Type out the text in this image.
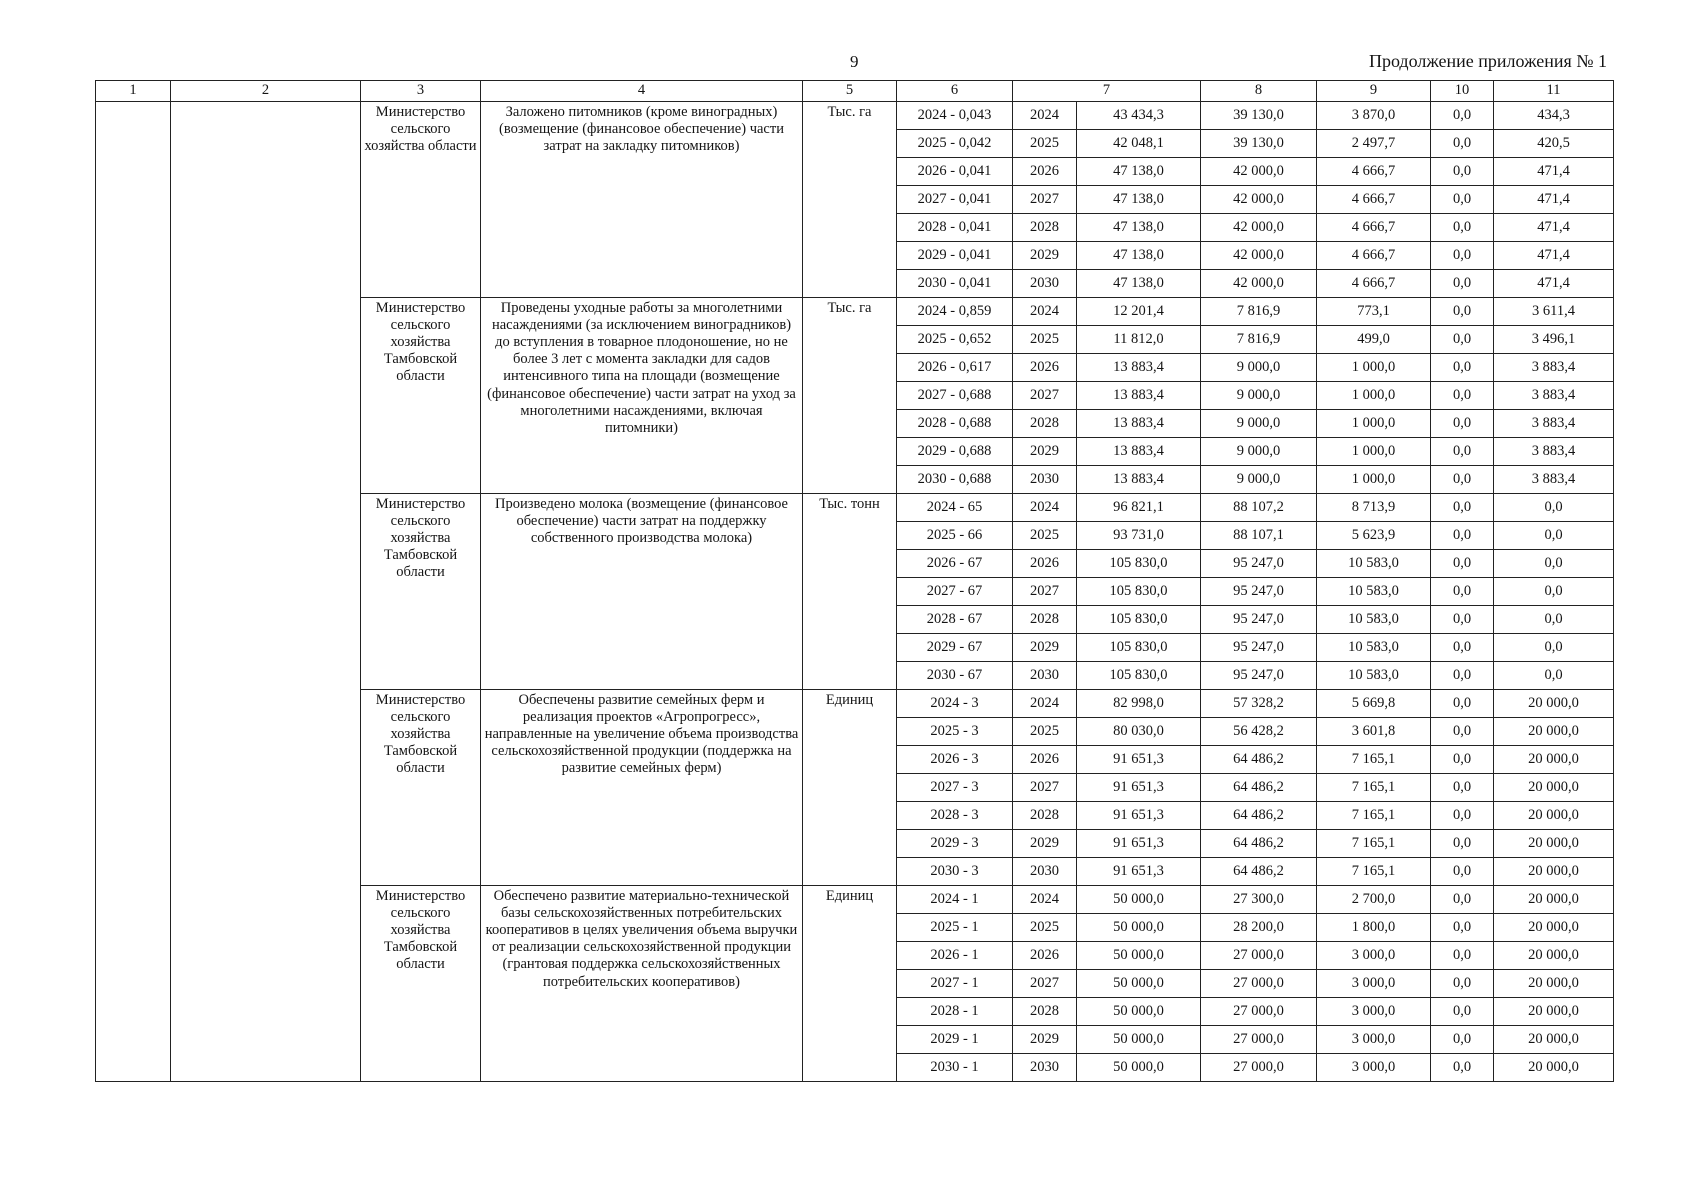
9	Продолжение приложения № 1
1	2	3	4	5	6	7		8	9	10	11
		Министерство сельского хозяйства области	Заложено питомников (кроме виноградных) (возмещение (финансовое обеспечение) части затрат на закладку питомников)	Тыс. га	2024 - 0,043	2024	43 434,3	39 130,0	3 870,0	0,0	434,3
					2025 - 0,042	2025	42 048,1	39 130,0	2 497,7	0,0	420,5
					2026 - 0,041	2026	47 138,0	42 000,0	4 666,7	0,0	471,4
					2027 - 0,041	2027	47 138,0	42 000,0	4 666,7	0,0	471,4
					2028 - 0,041	2028	47 138,0	42 000,0	4 666,7	0,0	471,4
					2029 - 0,041	2029	47 138,0	42 000,0	4 666,7	0,0	471,4
					2030 - 0,041	2030	47 138,0	42 000,0	4 666,7	0,0	471,4
		Министерство сельского хозяйства Тамбовской области	Проведены уходные работы за многолетними насаждениями (за исключением виноградников) до вступления в товарное плодоношение, но не более 3 лет с момента закладки для садов интенсивного типа на площади (возмещение (финансовое обеспечение) части затрат на уход за многолетними насаждениями, включая питомники)	Тыс. га	2024 - 0,859	2024	12 201,4	7 816,9	773,1	0,0	3 611,4
					2025 - 0,652	2025	11 812,0	7 816,9	499,0	0,0	3 496,1
					2026 - 0,617	2026	13 883,4	9 000,0	1 000,0	0,0	3 883,4
					2027 - 0,688	2027	13 883,4	9 000,0	1 000,0	0,0	3 883,4
					2028 - 0,688	2028	13 883,4	9 000,0	1 000,0	0,0	3 883,4
					2029 - 0,688	2029	13 883,4	9 000,0	1 000,0	0,0	3 883,4
					2030 - 0,688	2030	13 883,4	9 000,0	1 000,0	0,0	3 883,4
		Министерство сельского хозяйства Тамбовской области	Произведено молока (возмещение (финансовое обеспечение) части затрат на поддержку собственного производства молока)	Тыс. тонн	2024 - 65	2024	96 821,1	88 107,2	8 713,9	0,0	0,0
					2025 - 66	2025	93 731,0	88 107,1	5 623,9	0,0	0,0
					2026 - 67	2026	105 830,0	95 247,0	10 583,0	0,0	0,0
					2027 - 67	2027	105 830,0	95 247,0	10 583,0	0,0	0,0
					2028 - 67	2028	105 830,0	95 247,0	10 583,0	0,0	0,0
					2029 - 67	2029	105 830,0	95 247,0	10 583,0	0,0	0,0
					2030 - 67	2030	105 830,0	95 247,0	10 583,0	0,0	0,0
		Министерство сельского хозяйства Тамбовской области	Обеспечены развитие семейных ферм и реализация проектов «Агропрогресс», направленные на увеличение объема производства сельскохозяйственной продукции (поддержка на развитие семейных ферм)	Единиц	2024 - 3	2024	82 998,0	57 328,2	5 669,8	0,0	20 000,0
					2025 - 3	2025	80 030,0	56 428,2	3 601,8	0,0	20 000,0
					2026 - 3	2026	91 651,3	64 486,2	7 165,1	0,0	20 000,0
					2027 - 3	2027	91 651,3	64 486,2	7 165,1	0,0	20 000,0
					2028 - 3	2028	91 651,3	64 486,2	7 165,1	0,0	20 000,0
					2029 - 3	2029	91 651,3	64 486,2	7 165,1	0,0	20 000,0
					2030 - 3	2030	91 651,3	64 486,2	7 165,1	0,0	20 000,0
		Министерство сельского хозяйства Тамбовской области	Обеспечено развитие материально-технической базы сельскохозяйственных потребительских кооперативов в целях увеличения объема выручки от реализации сельскохозяйственной продукции (грантовая поддержка сельскохозяйственных потребительских кооперативов)	Единиц	2024 - 1	2024	50 000,0	27 300,0	2 700,0	0,0	20 000,0
					2025 - 1	2025	50 000,0	28 200,0	1 800,0	0,0	20 000,0
					2026 - 1	2026	50 000,0	27 000,0	3 000,0	0,0	20 000,0
					2027 - 1	2027	50 000,0	27 000,0	3 000,0	0,0	20 000,0
					2028 - 1	2028	50 000,0	27 000,0	3 000,0	0,0	20 000,0
					2029 - 1	2029	50 000,0	27 000,0	3 000,0	0,0	20 000,0
					2030 - 1	2030	50 000,0	27 000,0	3 000,0	0,0	20 000,0
